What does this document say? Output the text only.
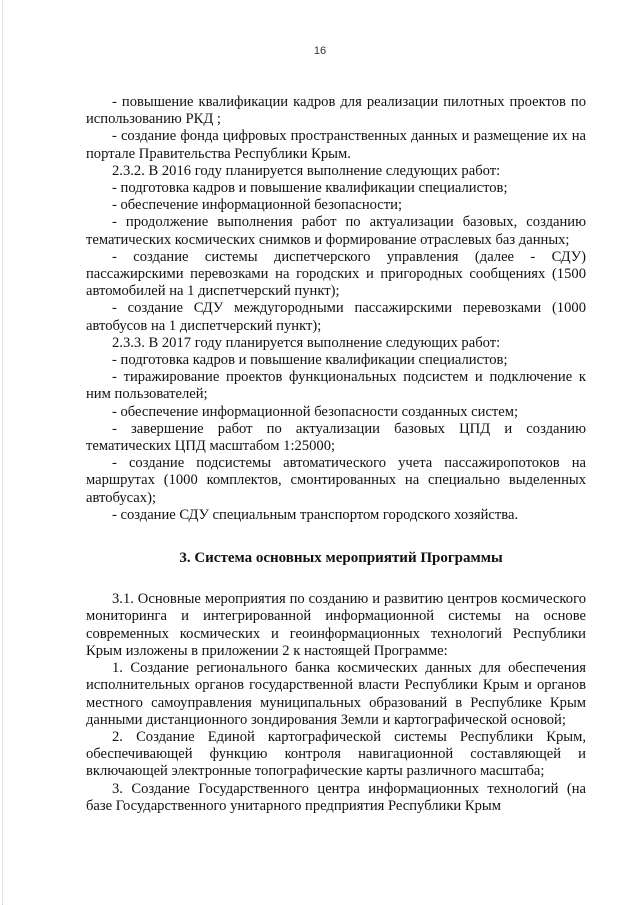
16

- повышение квалификации кадров для реализации пилотных проектов по использованию РКД ;

- создание фонда цифровых пространственных данных и размещение их на портале Правительства Республики Крым.

2.3.2. В 2016 году планируется выполнение следующих работ:

- подготовка кадров и повышение квалификации специалистов;

- обеспечение информационной безопасности;

- продолжение выполнения работ по актуализации базовых, созданию тематических космических снимков и формирование отраслевых баз данных;

- создание системы диспетчерского управления (далее - СДУ) пассажирскими перевозками на городских и пригородных сообщениях (1500 автомобилей на 1 диспетчерский пункт);

- создание СДУ междугородными пассажирскими перевозками (1000 автобусов на 1 диспетчерский пункт);

2.3.3. В 2017 году планируется выполнение следующих работ:

- подготовка кадров и повышение квалификации специалистов;

- тиражирование проектов функциональных подсистем и подключение к ним пользователей;

- обеспечение информационной безопасности созданных систем;

- завершение работ по актуализации базовых ЦПД и созданию тематических ЦПД масштабом 1:25000;

- создание подсистемы автоматического учета пассажиропотоков на маршрутах (1000 комплектов, смонтированных на специально выделенных автобусах);

- создание СДУ специальным транспортом городского хозяйства.

3. Система основных мероприятий Программы

3.1. Основные мероприятия по созданию и развитию центров космического мониторинга и интегрированной информационной системы на основе современных космических и геоинформационных технологий Республики Крым изложены в приложении 2 к настоящей Программе:

1. Создание регионального банка космических данных для обеспечения исполнительных органов государственной власти Республики Крым и органов местного самоуправления муниципальных образований в Республике Крым данными дистанционного зондирования Земли и картографической основой;

2. Создание Единой картографической системы Республики Крым, обеспечивающей функцию контроля навигационной составляющей и включающей электронные топографические карты различного масштаба;

3. Создание Государственного центра информационных технологий (на базе Государственного унитарного предприятия Республики Крым
